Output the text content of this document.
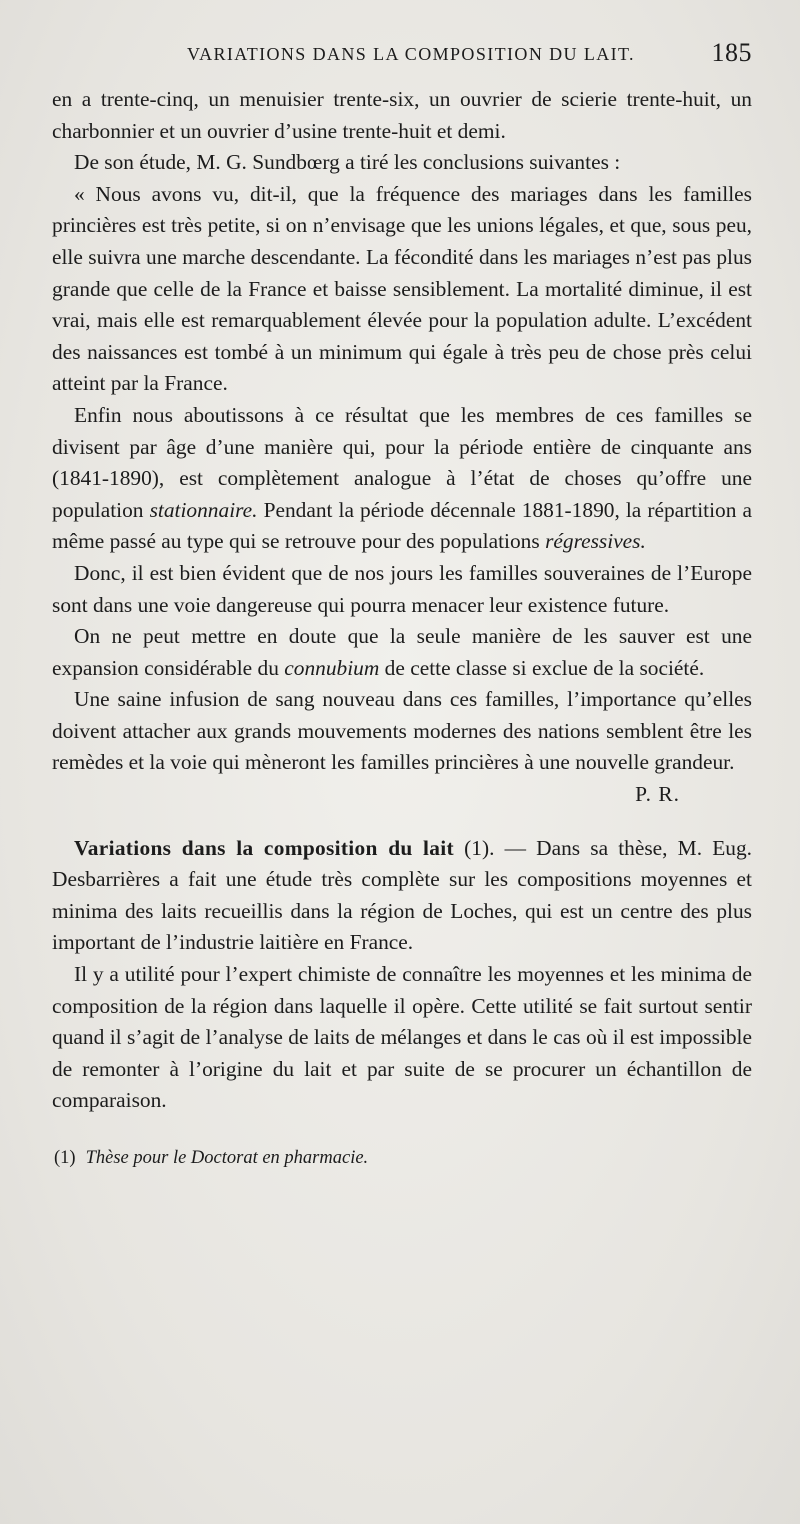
VARIATIONS DANS LA COMPOSITION DU LAIT.	185

en a trente-cinq, un menuisier trente-six, un ouvrier de scierie trente-huit, un charbonnier et un ouvrier d’usine trente-huit et demi.

De son étude, M. G. Sundbœrg a tiré les conclusions suivantes :

« Nous avons vu, dit-il, que la fréquence des mariages dans les familles princières est très petite, si on n’envisage que les unions légales, et que, sous peu, elle suivra une marche descendante. La fécondité dans les mariages n’est pas plus grande que celle de la France et baisse sensiblement. La mortalité diminue, il est vrai, mais elle est remarquablement élevée pour la population adulte. L’excédent des naissances est tombé à un minimum qui égale à très peu de chose près celui atteint par la France.

Enfin nous aboutissons à ce résultat que les membres de ces familles se divisent par âge d’une manière qui, pour la période entière de cinquante ans (1841-1890), est complètement analogue à l’état de choses qu’offre une population stationnaire. Pendant la période décennale 1881-1890, la répartition a même passé au type qui se retrouve pour des populations régressives.

Donc, il est bien évident que de nos jours les familles souveraines de l’Europe sont dans une voie dangereuse qui pourra menacer leur existence future.

On ne peut mettre en doute que la seule manière de les sauver est une expansion considérable du connubium de cette classe si exclue de la société.

Une saine infusion de sang nouveau dans ces familles, l’importance qu’elles doivent attacher aux grands mouvements modernes des nations semblent être les remèdes et la voie qui mèneront les familles princières à une nouvelle grandeur.

P. R.

Variations dans la composition du lait (1). — Dans sa thèse, M. Eug. Desbarrières a fait une étude très complète sur les compositions moyennes et minima des laits recueillis dans la région de Loches, qui est un centre des plus important de l’industrie laitière en France.

Il y a utilité pour l’expert chimiste de connaître les moyennes et les minima de composition de la région dans laquelle il opère. Cette utilité se fait surtout sentir quand il s’agit de l’analyse de laits de mélanges et dans le cas où il est impossible de remonter à l’origine du lait et par suite de se procurer un échantillon de comparaison.

(1) Thèse pour le Doctorat en pharmacie.
